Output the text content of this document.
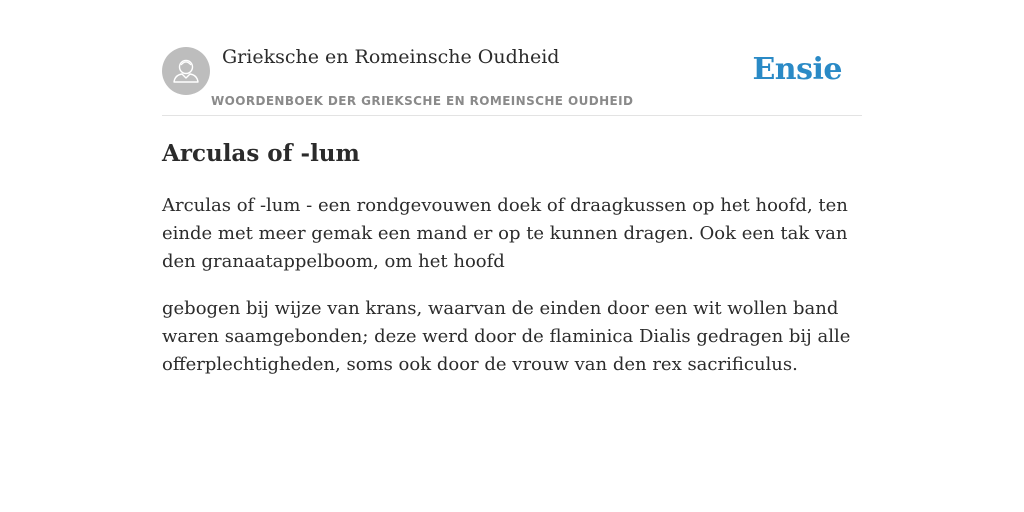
Grieksche en Romeinsche Oudheid
WOORDENBOEK DER GRIEKSCHE EN ROMEINSCHE OUDHEID
Ensie
Arculas of -lum

Arculas of -lum - een rondgevouwen doek of draagkussen op het hoofd, ten einde met meer gemak een mand er op te kunnen dragen. Ook een tak van den granaatappelboom, om het hoofd

gebogen bij wijze van krans, waarvan de einden door een wit wollen band waren saamgebonden; deze werd door de flaminica Dialis gedragen bij alle offerplechtigheden, soms ook door de vrouw van den rex sacrificulus.
